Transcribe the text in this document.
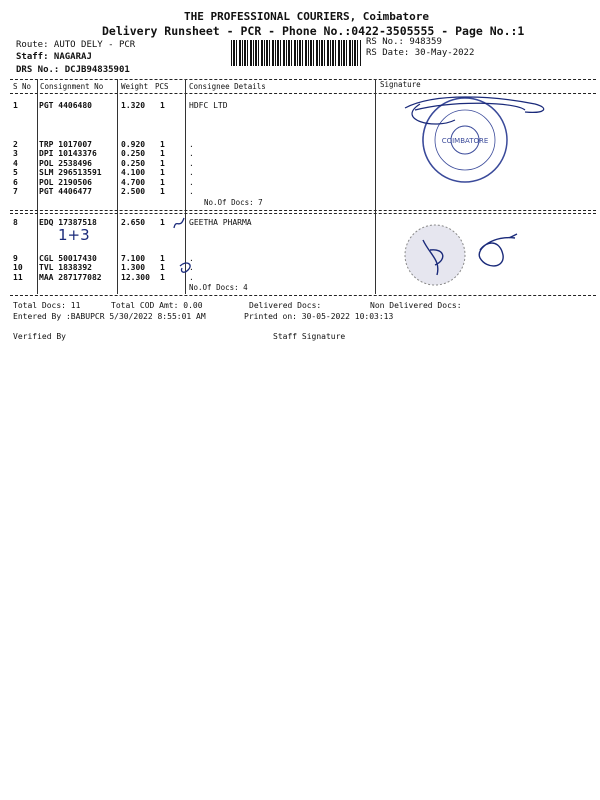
THE PROFESSIONAL COURIERS, Coimbatore
Delivery Runsheet - PCR - Phone No.:0422-3505555 - Page No.:1
Route: AUTO DELY - PCR
Staff: NAGARAJ
DRS No.: DCJB94835901
RS No.: 948359
RS Date: 30-May-2022
S No Consignment No Weight PCS	Consignee Details	Signature
1	PGT 4406480	1.320 1	HDFC LTD
2	TRP 1017007	0.920 1	.
3	DPI 10143376	0.250 1	.
4	POL 2538496	0.250 1	.
5	SLM 296513591 4.100 1	.
6	POL 2190506	4.700 1	.
7	PGT 4406477	2.500 1	.
No.Of Docs: 7
8	EDQ 17387518	2.650 1	GEETHA PHARMA
1+3
9	CGL 50017430	7.100 1	.
10 TVL 1838392	1.300 1	.
11 MAA 287177082 12.300 1	.
No.Of Docs: 4
Total Docs: 11	Total COD Amt: 0.00	Delivered Docs:	Non Delivered Docs:
Entered By :BABUPCR 5/30/2022 8:55:01 AM	Printed on: 30-05-2022 10:03:13
Verified By	Staff Signature
COIMBATORE
